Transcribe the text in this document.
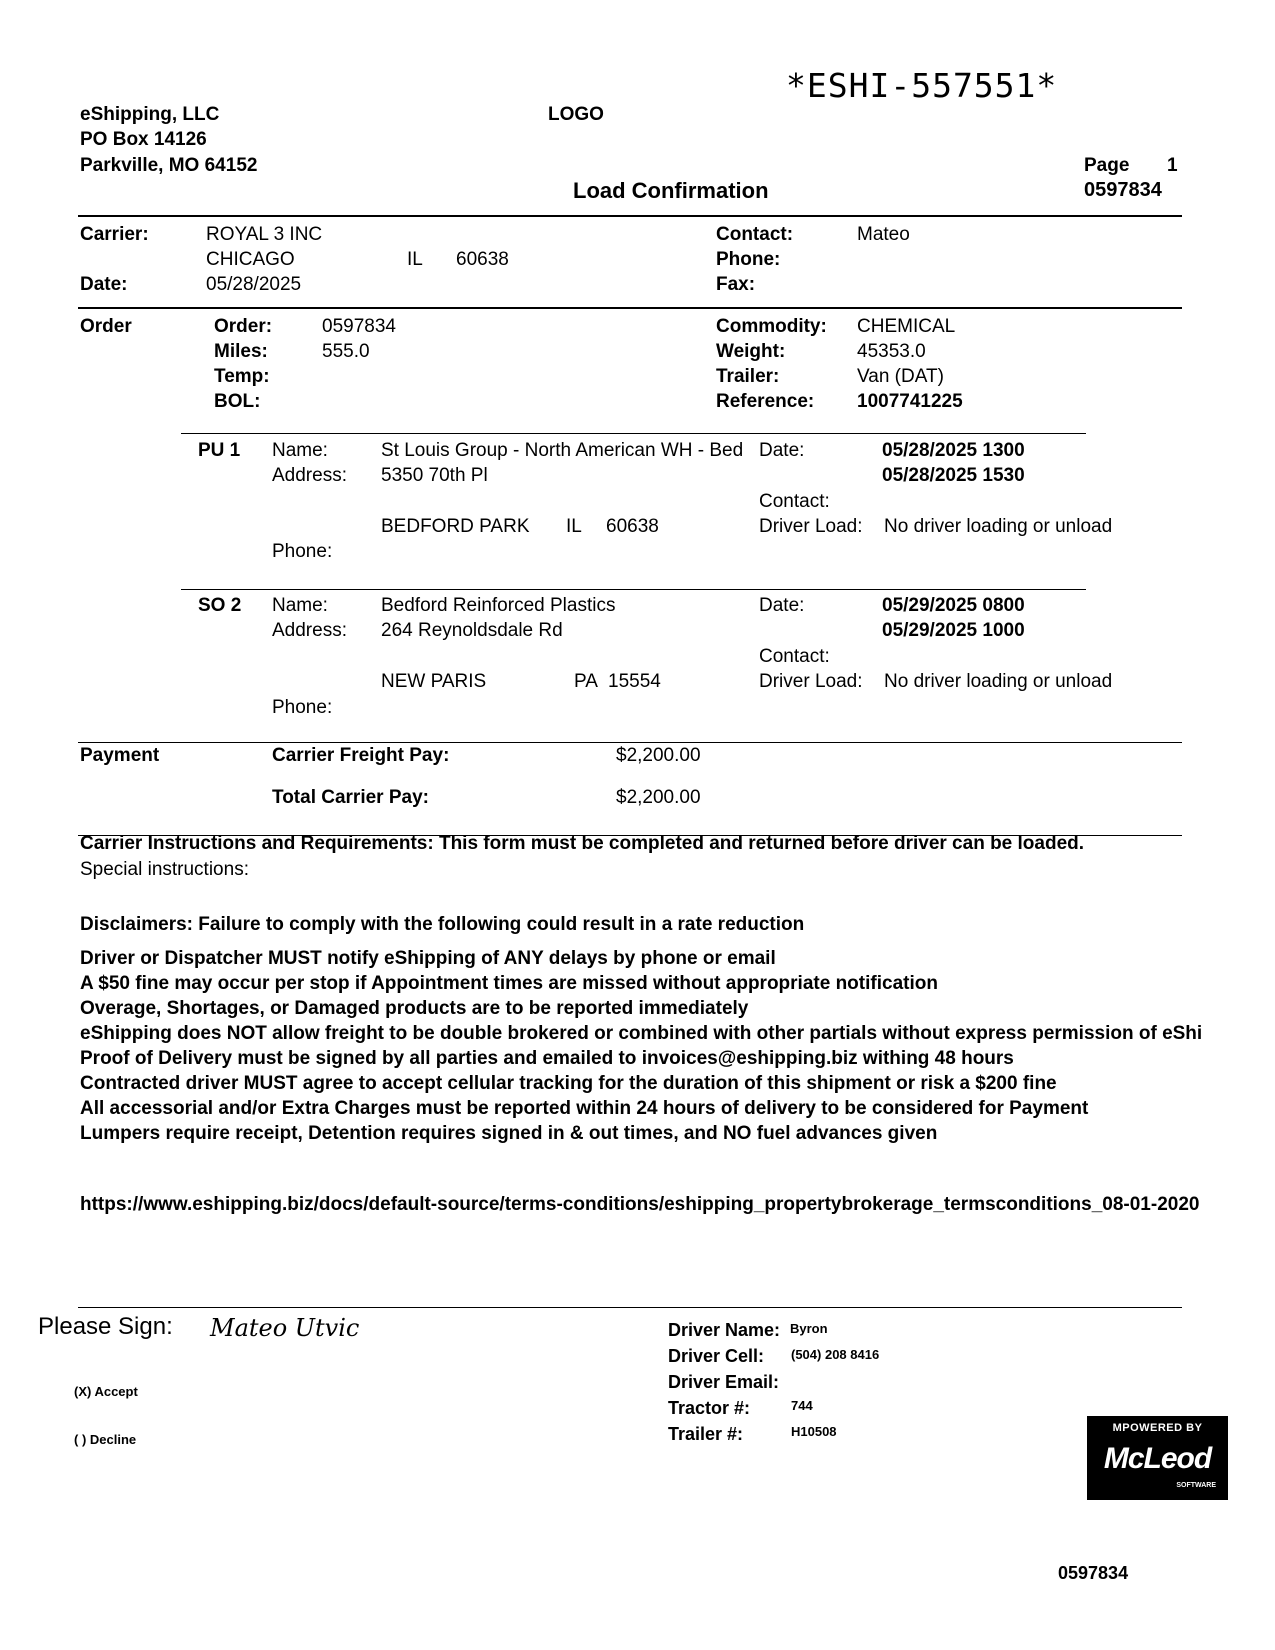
*ESHI-557551*
eShipping, LLC
PO Box 14126
Parkville, MO 64152
LOGO
Load Confirmation
Page 1
0597834
Carrier:	ROYAL 3 INC
CHICAGO	IL 60638
Date:	05/28/2025
Contact:	Mateo
Phone:
Fax:
Order	Order:	0597834
Miles:	555.0
Temp:
BOL:
Commodity: CHEMICAL
Weight:	45353.0
Trailer:	Van (DAT)
Reference: 1007741225
PU 1 Name:	St Louis Group - North American WH - Bed
Address: 5350 70th Pl
BEDFORD PARK IL 60638
Phone:
Date:	05/28/2025 1300
05/28/2025 1530
Contact:
Driver Load: No driver loading or unload
SO 2 Name:	Bedford Reinforced Plastics
Address: 264 Reynoldsdale Rd
NEW PARIS	PA 15554
Phone:
Date:	05/29/2025 0800
05/29/2025 1000
Contact:
Driver Load: No driver loading or unload
Payment	Carrier Freight Pay:	$2,200.00
Total Carrier Pay:	$2,200.00
Carrier Instructions and Requirements: This form must be completed and returned before driver can be loaded.
Special instructions:
Disclaimers: Failure to comply with the following could result in a rate reduction
Driver or Dispatcher MUST notify eShipping of ANY delays by phone or email
A $50 fine may occur per stop if Appointment times are missed without appropriate notification
Overage, Shortages, or Damaged products are to be reported immediately
eShipping does NOT allow freight to be double brokered or combined with other partials without express permission of eShi
Proof of Delivery must be signed by all parties and emailed to invoices@eshipping.biz withing 48 hours
Contracted driver MUST agree to accept cellular tracking for the duration of this shipment or risk a $200 fine
All accessorial and/or Extra Charges must be reported within 24 hours of delivery to be considered for Payment
Lumpers require receipt, Detention requires signed in & out times, and NO fuel advances given
https://www.eshipping.biz/docs/default-source/terms-conditions/eshipping_propertybrokerage_termsconditions_08-01-2020
Please Sign: Mateo Utvic
(X) Accept
( ) Decline
Driver Name: Byron
Driver Cell: (504) 208 8416
Driver Email:
Tractor #:	744
Trailer #:	H10508	MPOWERED BY
McLeod
SOFTWARE
0597834
